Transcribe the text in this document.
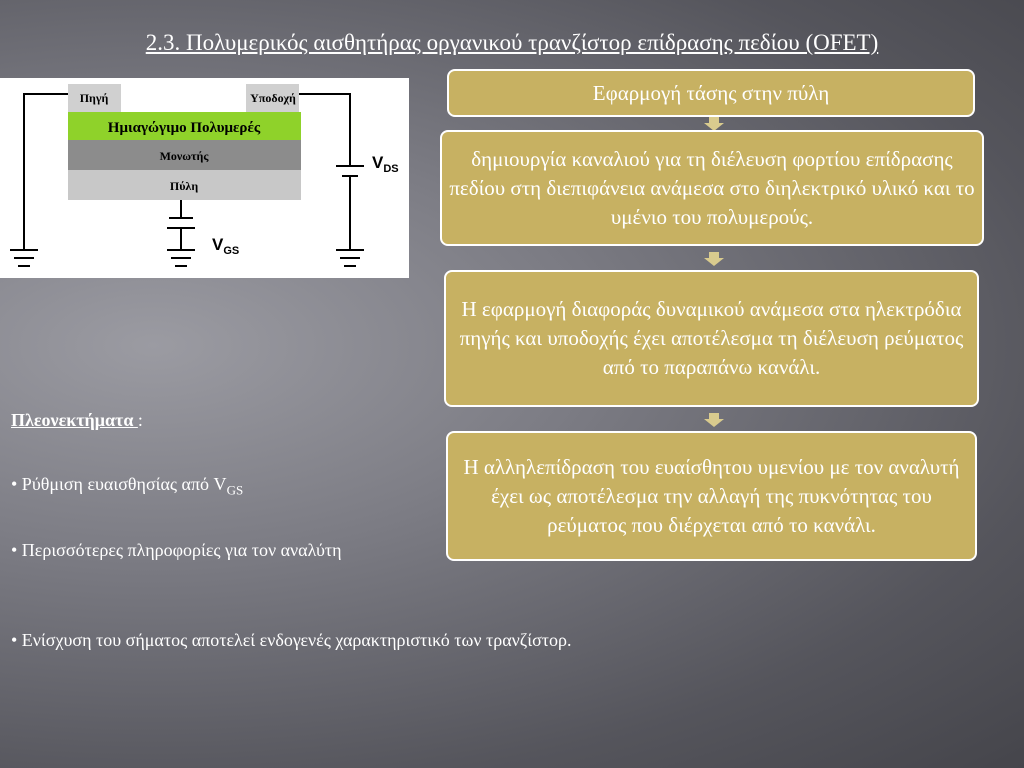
2.3. Πολυμερικός αισθητήρας οργανικού τρανζίστορ επίδρασης πεδίου (OFET)
Πηγή	Υποδοχή
Ημιαγώγιμο Πολυμερές
Μονωτής
Πύλη
$V_{DS}$
$V_{GS}$
Εφαρμογή τάσης στην πύλη
δημιουργία καναλιού για τη διέλευση φορτίου επίδρασης πεδίου στη διεπιφάνεια ανάμεσα στο διηλεκτρικό υλικό και το υμένιο του πολυμερούς.
Η εφαρμογή διαφοράς δυναμικού ανάμεσα στα ηλεκτρόδια πηγής και υποδοχής έχει αποτέλεσμα τη διέλευση ρεύματος από το παραπάνω κανάλι.
Η αλληλεπίδραση του ευαίσθητου υμενίου με τον αναλυτή έχει ως αποτέλεσμα την αλλαγή της πυκνότητας του ρεύματος που διέρχεται από το κανάλι.
Πλεονεκτήματα :
• Ρύθμιση ευαισθησίας από $V_{GS}$
• Περισσότερες πληροφορίες για τον αναλύτη
• Ενίσχυση του σήματος αποτελεί ενδογενές χαρακτηριστικό των τρανζίστορ.
